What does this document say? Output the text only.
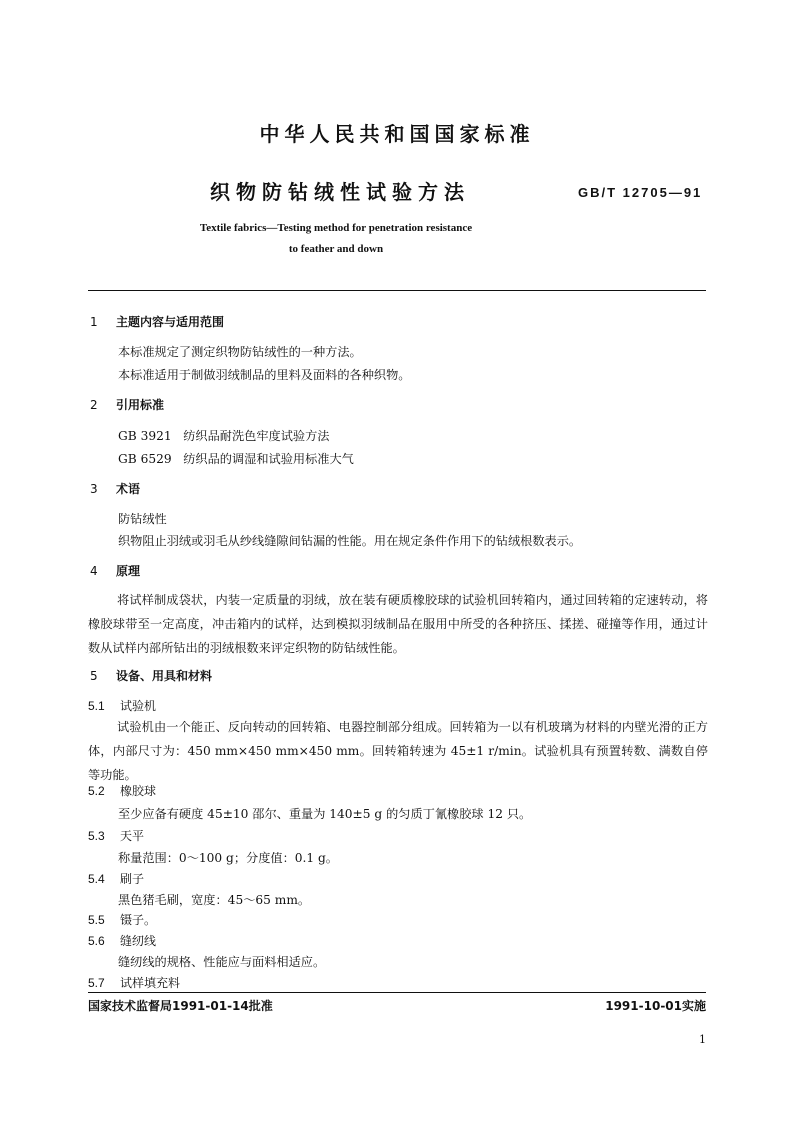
中华人民共和国国家标准
织物防钻绒性试验方法	GB/T 12705—91
Textile fabrics—Testing method for penetration resistance
to feather and down
1 主题内容与适用范围
本标准规定了测定织物防钻绒性的一种方法。
本标准适用于制做羽绒制品的里料及面料的各种织物。
2 引用标准
GB 3921   纺织品耐洗色牢度试验方法
GB 6529   纺织品的调湿和试验用标准大气
3 术语
防钻绒性
织物阻止羽绒或羽毛从纱线缝隙间钻漏的性能。用在规定条件作用下的钻绒根数表示。
4 原理
将试样制成袋状，内装一定质量的羽绒，放在装有硬质橡胶球的试验机回转箱内，通过回转箱的定速转动，将橡胶球带至一定高度，冲击箱内的试样，达到模拟羽绒制品在服用中所受的各种挤压、揉搓、碰撞等作用，通过计数从试样内部所钻出的羽绒根数来评定织物的防钻绒性能。
5 设备、用具和材料
5.1 试验机
试验机由一个能正、反向转动的回转箱、电器控制部分组成。回转箱为一以有机玻璃为材料的内壁光滑的正方体，内部尺寸为：450 mm×450 mm×450 mm。回转箱转速为 45±1 r/min。试验机具有预置转数、满数自停等功能。
5.2 橡胶球
至少应备有硬度 45±10 邵尔、重量为 140±5 g 的匀质丁氰橡胶球 12 只。
5.3 天平
称量范围：0～100 g；分度值：0.1 g。
5.4 刷子
黑色猪毛刷，宽度：45～65 mm。
5.5 镊子。
5.6 缝纫线
缝纫线的规格、性能应与面料相适应。
5.7 试样填充料
国家技术监督局1991-01-14批准	1991-10-01实施
1
